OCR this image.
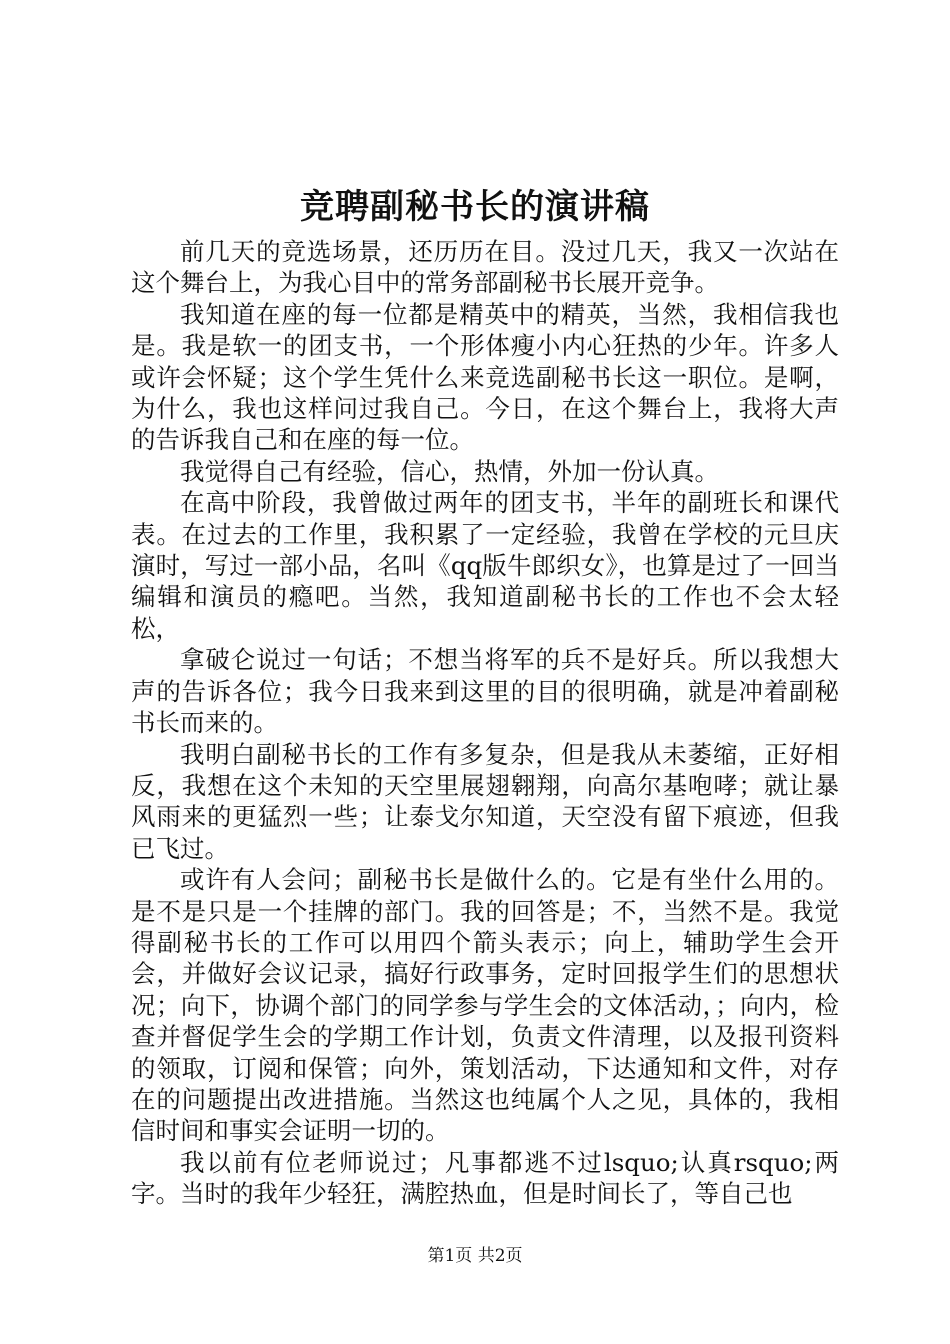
竞聘副秘书长的演讲稿

前几天的竞选场景，还历历在目。没过几天，我又一次站在这个舞台上，为我心目中的常务部副秘书长展开竞争。

我知道在座的每一位都是精英中的精英，当然，我相信我也是。我是软一的团支书，一个形体瘦小内心狂热的少年。许多人或许会怀疑；这个学生凭什么来竞选副秘书长这一职位。是啊，为什么，我也这样问过我自己。今日，在这个舞台上，我将大声的告诉我自己和在座的每一位。

我觉得自己有经验，信心，热情，外加一份认真。

在高中阶段，我曾做过两年的团支书，半年的副班长和课代表。在过去的工作里，我积累了一定经验，我曾在学校的元旦庆演时，写过一部小品，名叫《qq版牛郎织女》，也算是过了一回当编辑和演员的瘾吧。当然，我知道副秘书长的工作也不会太轻松，

拿破仑说过一句话；不想当将军的兵不是好兵。所以我想大声的告诉各位；我今日我来到这里的目的很明确，就是冲着副秘书长而来的。

我明白副秘书长的工作有多复杂，但是我从未萎缩，正好相反，我想在这个未知的天空里展翅翱翔，向高尔基咆哮；就让暴风雨来的更猛烈一些；让泰戈尔知道，天空没有留下痕迹，但我已飞过。

或许有人会问；副秘书长是做什么的。它是有坐什么用的。是不是只是一个挂牌的部门。我的回答是；不，当然不是。我觉得副秘书长的工作可以用四个箭头表示；向上，辅助学生会开会，并做好会议记录，搞好行政事务，定时回报学生们的思想状况；向下，协调个部门的同学参与学生会的文体活动，；向内，检查并督促学生会的学期工作计划，负责文件清理，以及报刊资料的领取，订阅和保管；向外，策划活动，下达通知和文件，对存在的问题提出改进措施。当然这也纯属个人之见，具体的，我相信时间和事实会证明一切的。

我以前有位老师说过；凡事都逃不过lsquo;认真rsquo;两字。当时的我年少轻狂，满腔热血，但是时间长了，等自己也

第1页 共2页
